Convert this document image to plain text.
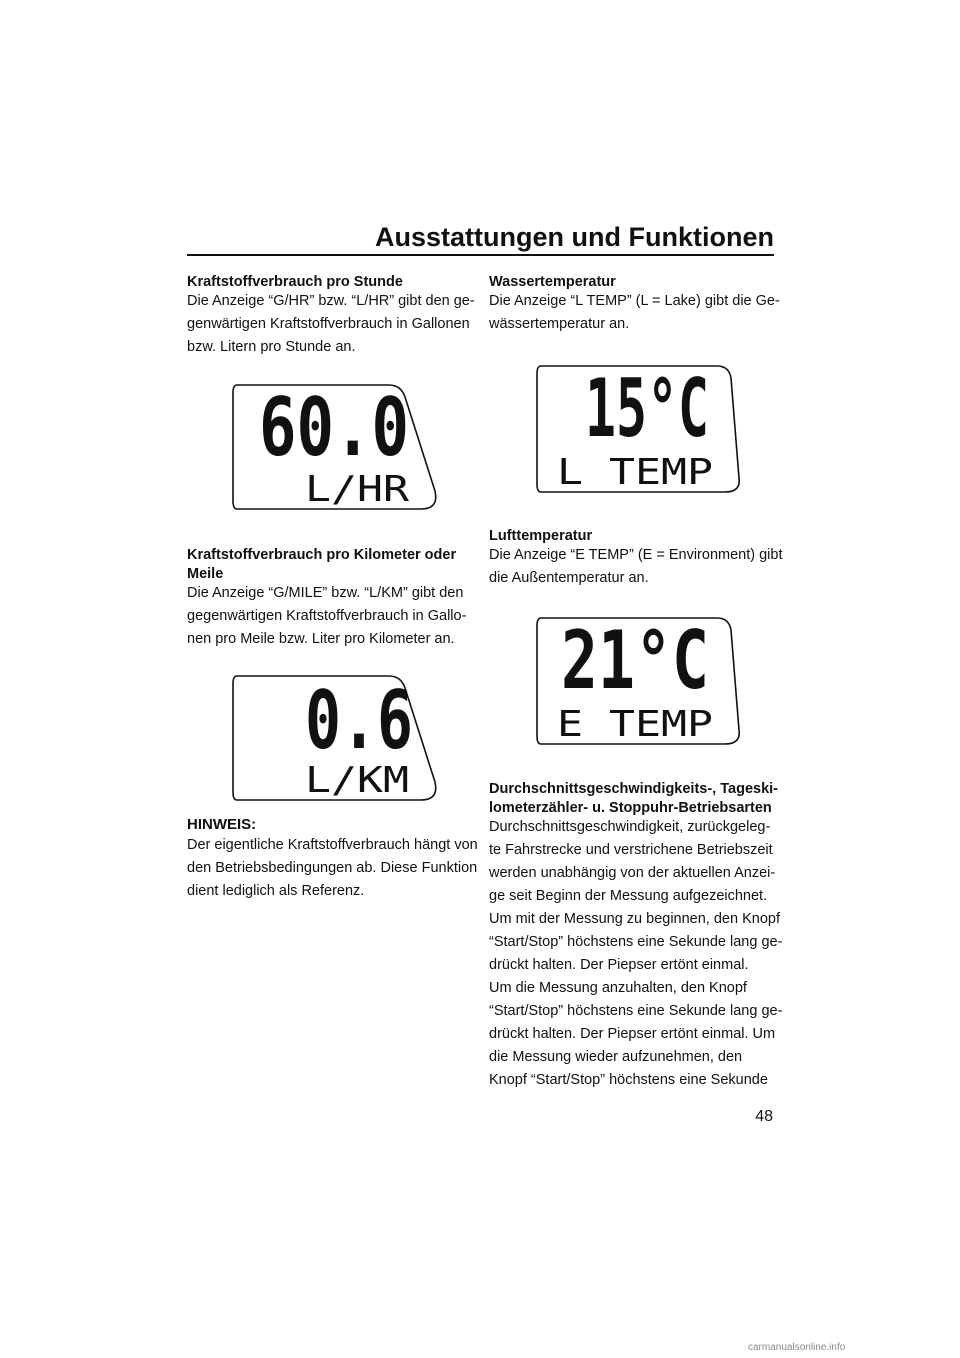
Ausstattungen und Funktionen
Kraftstoffverbrauch pro Stunde
Die Anzeige “G/HR” bzw. “L/HR” gibt den ge-
genwärtigen Kraftstoffverbrauch in Gallonen
bzw. Litern pro Stunde an.
60.0
L/HR
Kraftstoffverbrauch pro Kilometer oder
Meile
Die Anzeige “G/MILE” bzw. “L/KM” gibt den
gegenwärtigen Kraftstoffverbrauch in Gallo-
nen pro Meile bzw. Liter pro Kilometer an.
0.6
L/KM
HINWEIS:
Der eigentliche Kraftstoffverbrauch hängt von
den Betriebsbedingungen ab. Diese Funktion
dient lediglich als Referenz.
Wassertemperatur
Die Anzeige “L TEMP” (L = Lake) gibt die Ge-
wässertemperatur an.
15°C
L TEMP
Lufttemperatur
Die Anzeige “E TEMP” (E = Environment) gibt
die Außentemperatur an.
21°C
E TEMP
Durchschnittsgeschwindigkeits-, Tageski-
lometerzähler- u. Stoppuhr-Betriebsarten
Durchschnittsgeschwindigkeit, zurückgeleg-
te Fahrstrecke und verstrichene Betriebszeit
werden unabhängig von der aktuellen Anzei-
ge seit Beginn der Messung aufgezeichnet.
Um mit der Messung zu beginnen, den Knopf
“Start/Stop” höchstens eine Sekunde lang ge-
drückt halten. Der Piepser ertönt einmal.
Um die Messung anzuhalten, den Knopf
“Start/Stop” höchstens eine Sekunde lang ge-
drückt halten. Der Piepser ertönt einmal. Um
die Messung wieder aufzunehmen, den
Knopf “Start/Stop” höchstens eine Sekunde
48
carmanualsonline.info
